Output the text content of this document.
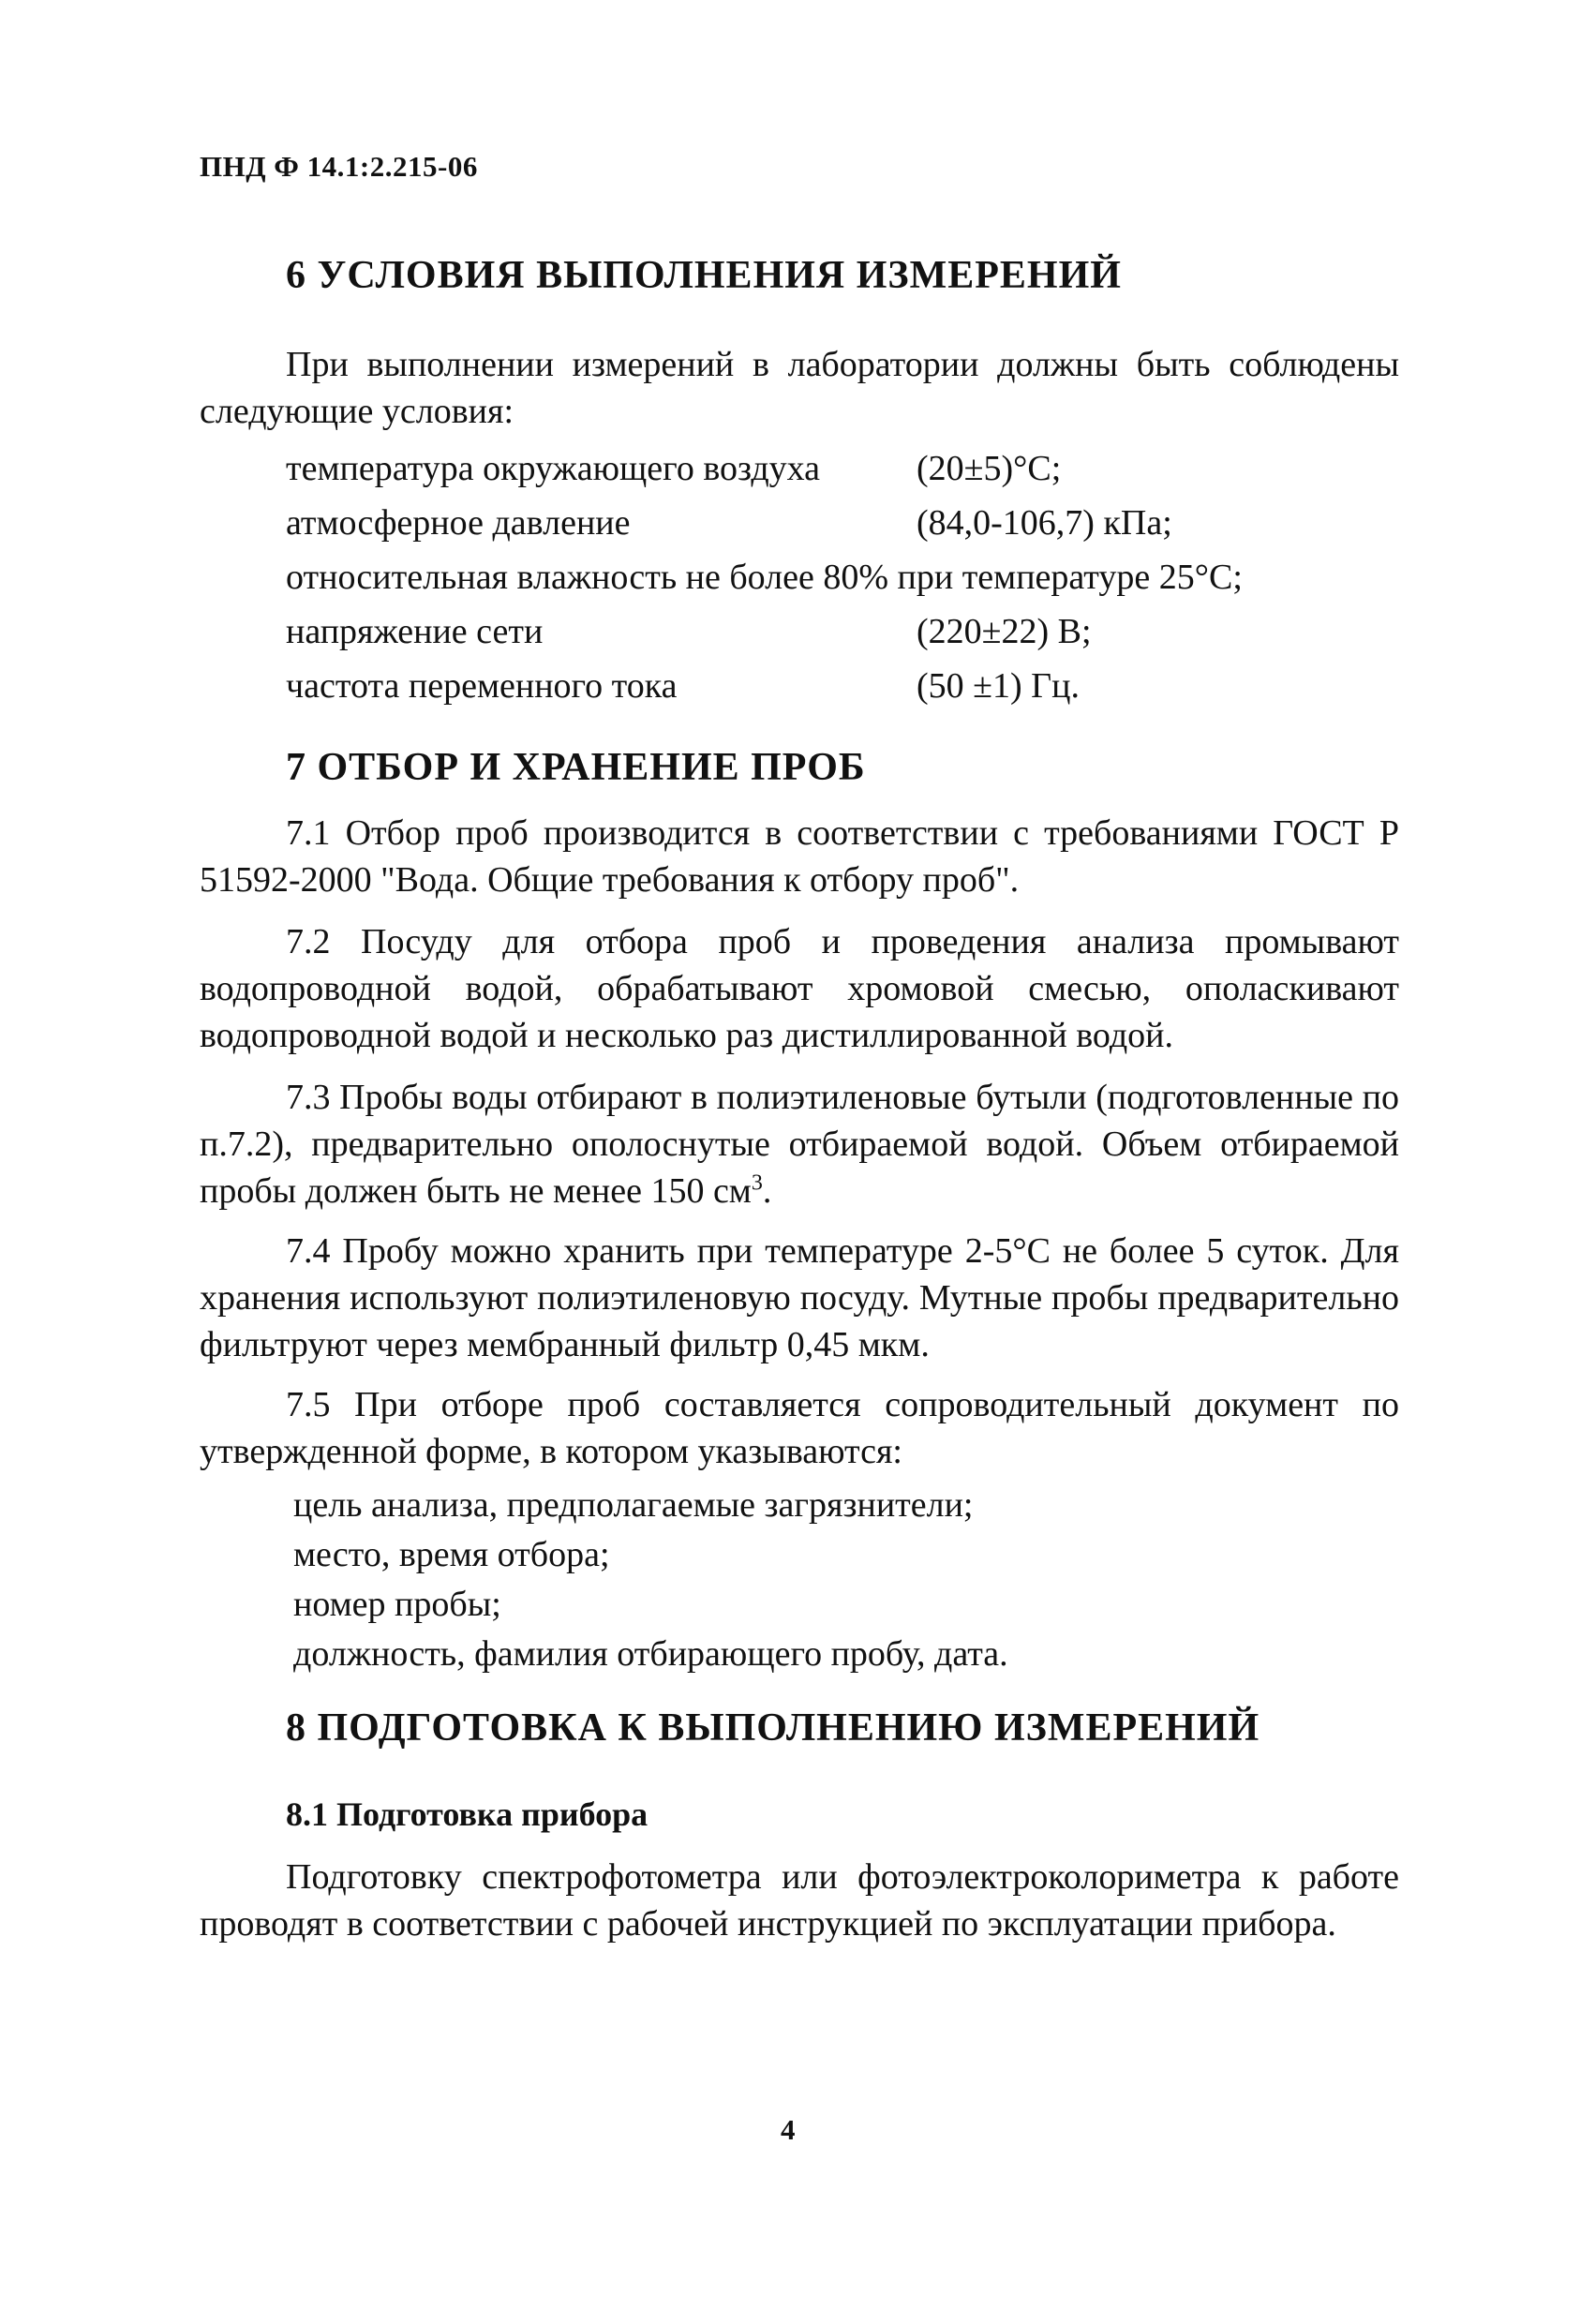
ПНД Ф 14.1:2.215-06
6 УСЛОВИЯ ВЫПОЛНЕНИЯ ИЗМЕРЕНИЙ

При выполнении измерений в лаборатории должны быть соблюдены следующие условия:

температура окружающего воздуха	(20±5)°С;
атмосферное давление	(84,0-106,7) кПа;
относительная влажность не более 80% при температуре 25°С;
напряжение сети	(220±22) В;
частота переменного тока	(50 ±1) Гц.
7 ОТБОР И ХРАНЕНИЕ ПРОБ

7.1 Отбор проб производится в соответствии с требованиями ГОСТ Р 51592-2000 "Вода. Общие требования к отбору проб".

7.2 Посуду для отбора проб и проведения анализа промывают водопроводной водой, обрабатывают хромовой смесью, ополаскивают водопроводной водой и несколько раз дистиллированной водой.

7.3 Пробы воды отбирают в полиэтиленовые бутыли (подготовленные по п.7.2), предварительно ополоснутые отбираемой водой. Объем отбираемой пробы должен быть не менее 150 $см^3$.

7.4 Пробу можно хранить при температуре 2-5°С не более 5 суток. Для хранения используют полиэтиленовую посуду. Мутные пробы предварительно фильтруют через мембранный фильтр 0,45 мкм.

7.5 При отборе проб составляется сопроводительный документ по утвержденной форме, в котором указываются:

цель анализа, предполагаемые загрязнители;
место, время отбора;
номер пробы;
должность, фамилия отбирающего пробу, дата.
8 ПОДГОТОВКА К ВЫПОЛНЕНИЮ ИЗМЕРЕНИЙ
8.1 Подготовка прибора

Подготовку спектрофотометра или фотоэлектроколориметра к работе проводят в соответствии с рабочей инструкцией по эксплуатации прибора.

4
